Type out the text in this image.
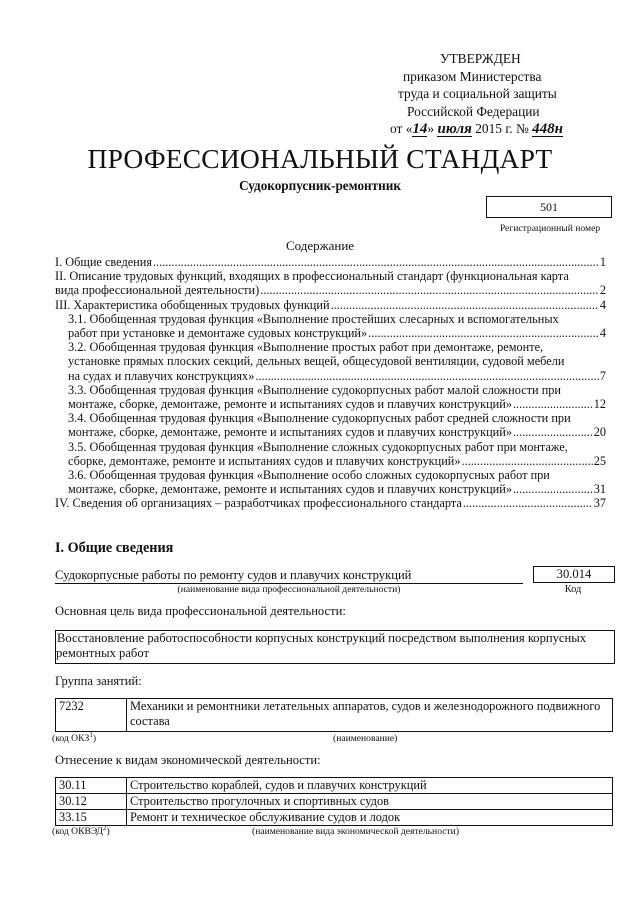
УТВЕРЖДЕН
приказом Министерства
труда и социальной защиты
Российской Федерации
от «14» июля 2015 г. № 448н
ПРОФЕССИОНАЛЬНЫЙ СТАНДАРТ
Судокорпусник-ремонтник
501
Регистрационный номер
Содержание
I. Общие сведения .....	1
II. Описание трудовых функций, входящих в профессиональный стандарт (функциональная карта
вида профессиональной деятельности) .....	2
III. Характеристика обобщенных трудовых функций .....	4
3.1. Обобщенная трудовая функция «Выполнение простейших слесарных и вспомогательных
работ при установке и демонтаже судовых конструкций» .....	4
3.2. Обобщенная трудовая функция «Выполнение простых работ при демонтаже, ремонте,
установке прямых плоских секций, дельных вещей, общесудовой вентиляции, судовой мебели
на судах и плавучих конструкциях» .....	7
3.3. Обобщенная трудовая функция «Выполнение судокорпусных работ малой сложности при
монтаже, сборке, демонтаже, ремонте и испытаниях судов и плавучих конструкций» .....	12
3.4. Обобщенная трудовая функция «Выполнение судокорпусных работ средней сложности при
монтаже, сборке, демонтаже, ремонте и испытаниях судов и плавучих конструкций» .....	20
3.5. Обобщенная трудовая функция «Выполнение сложных судокорпусных работ при монтаже,
сборке, демонтаже, ремонте и испытаниях судов и плавучих конструкций» .....	25
3.6. Обобщенная трудовая функция «Выполнение особо сложных судокорпусных работ при
монтаже, сборке, демонтаже, ремонте и испытаниях судов и плавучих конструкций» .....	31
IV. Сведения об организациях – разработчиках профессионального стандарта .....	37
I. Общие сведения
Судокорпусные работы по ремонту судов и плавучих конструкций	30.014
(наименование вида профессиональной деятельности)	Код
Основная цель вида профессиональной деятельности:
Восстановление работоспособности корпусных конструкций посредством выполнения корпусных ремонтных работ
Группа занятий:
7232	Механики и ремонтники летательных аппаратов, судов и железнодорожного подвижного состава
(код ОКЗ$^1$)	(наименование)
Отнесение к видам экономической деятельности:
30.11	Строительство кораблей, судов и плавучих конструкций
30.12	Строительство прогулочных и спортивных судов
33.15	Ремонт и техническое обслуживание судов и лодок
(код ОКВЭД$^2$)	(наименование вида экономической деятельности)
